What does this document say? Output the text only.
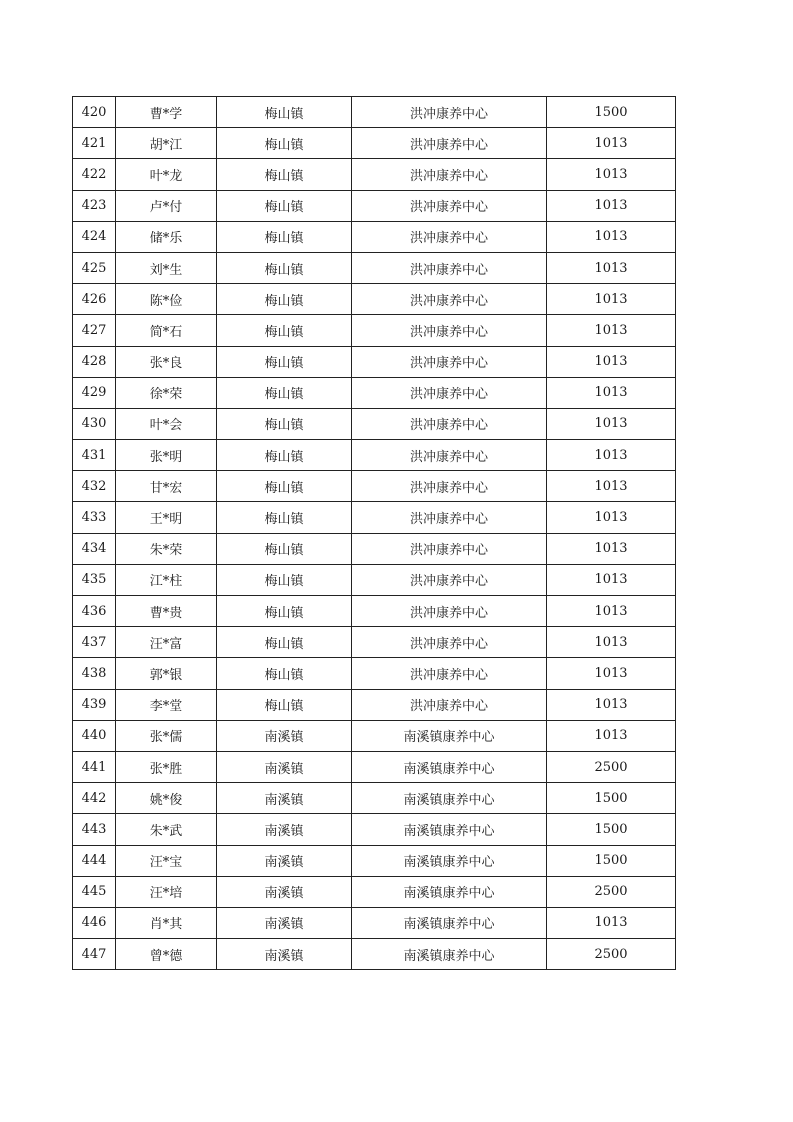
420	曹*学	梅山镇	洪冲康养中心	1500
421	胡*江	梅山镇	洪冲康养中心	1013
422	叶*龙	梅山镇	洪冲康养中心	1013
423	卢*付	梅山镇	洪冲康养中心	1013
424	储*乐	梅山镇	洪冲康养中心	1013
425	刘*生	梅山镇	洪冲康养中心	1013
426	陈*俭	梅山镇	洪冲康养中心	1013
427	简*石	梅山镇	洪冲康养中心	1013
428	张*良	梅山镇	洪冲康养中心	1013
429	徐*荣	梅山镇	洪冲康养中心	1013
430	叶*会	梅山镇	洪冲康养中心	1013
431	张*明	梅山镇	洪冲康养中心	1013
432	甘*宏	梅山镇	洪冲康养中心	1013
433	王*明	梅山镇	洪冲康养中心	1013
434	朱*荣	梅山镇	洪冲康养中心	1013
435	江*柱	梅山镇	洪冲康养中心	1013
436	曹*贵	梅山镇	洪冲康养中心	1013
437	汪*富	梅山镇	洪冲康养中心	1013
438	郭*银	梅山镇	洪冲康养中心	1013
439	李*堂	梅山镇	洪冲康养中心	1013
440	张*儒	南溪镇	南溪镇康养中心	1013
441	张*胜	南溪镇	南溪镇康养中心	2500
442	姚*俊	南溪镇	南溪镇康养中心	1500
443	朱*武	南溪镇	南溪镇康养中心	1500
444	汪*宝	南溪镇	南溪镇康养中心	1500
445	汪*培	南溪镇	南溪镇康养中心	2500
446	肖*其	南溪镇	南溪镇康养中心	1013
447	曾*德	南溪镇	南溪镇康养中心	2500
